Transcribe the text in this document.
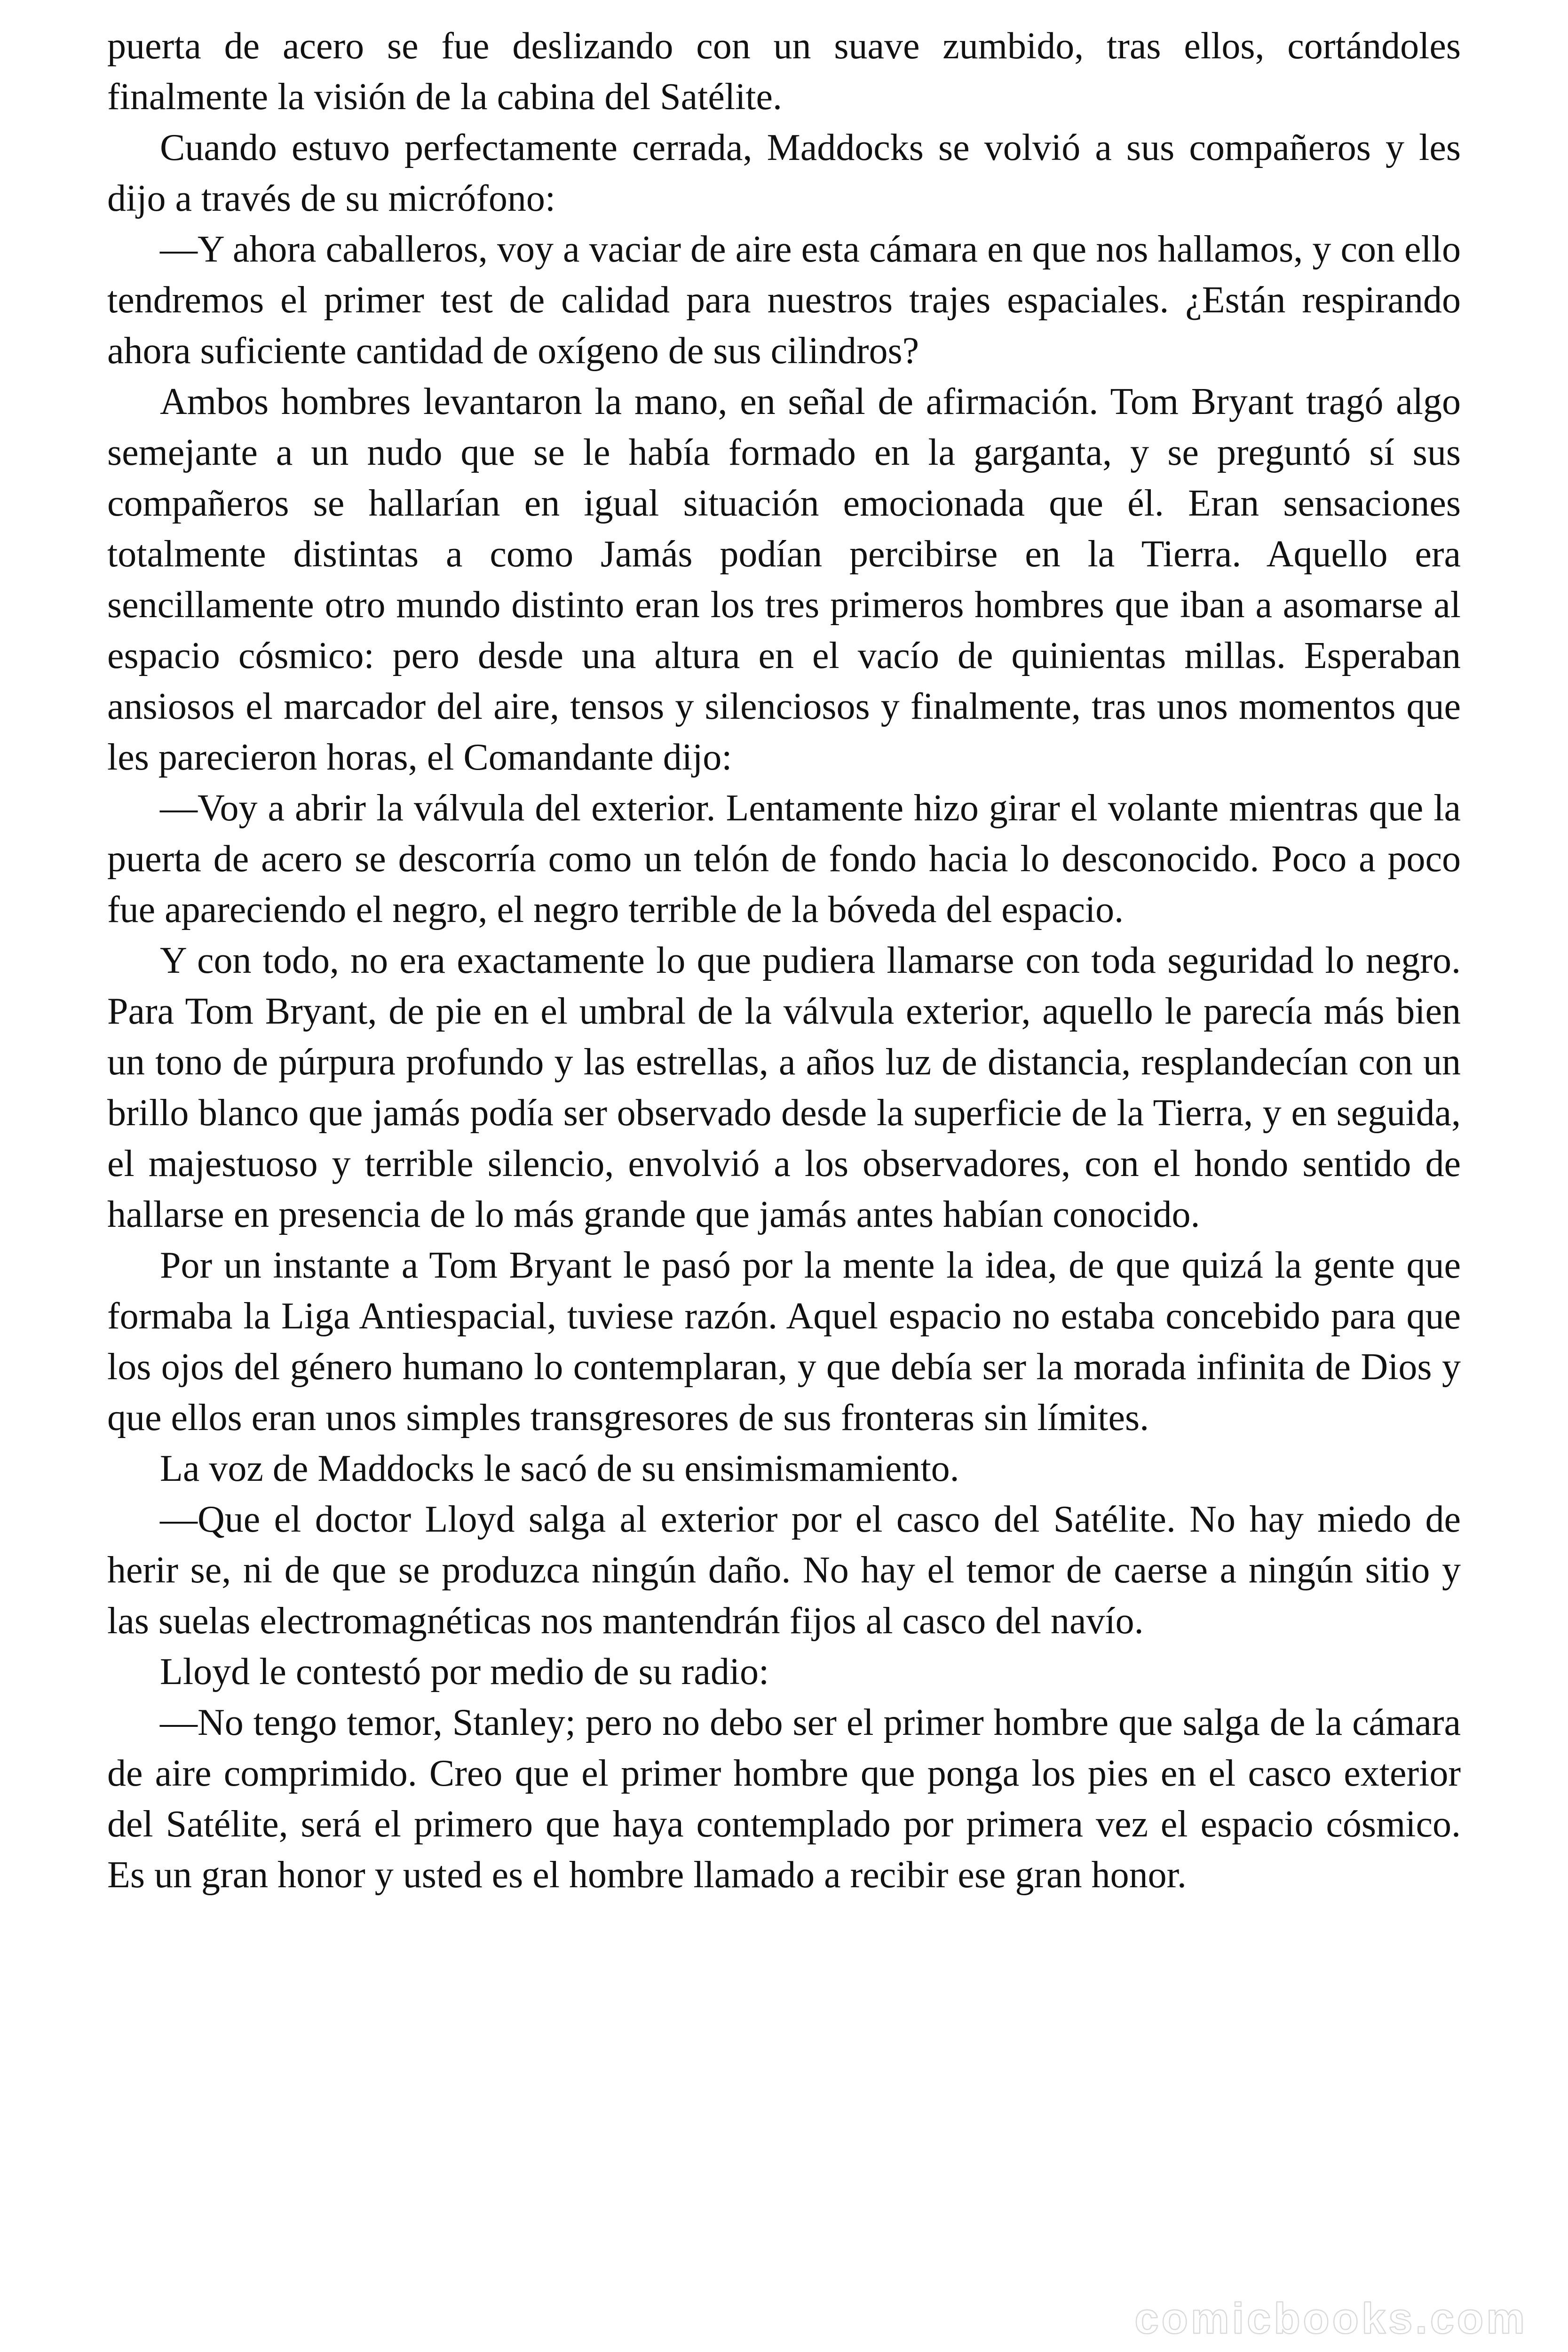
puerta de acero se fue deslizando con un suave zumbido, tras ellos, cortándoles finalmente la visión de la cabina del Satélite.

Cuando estuvo perfectamente cerrada, Maddocks se volvió a sus compañeros y les dijo a través de su micrófono:

—Y ahora caballeros, voy a vaciar de aire esta cámara en que nos hallamos, y con ello tendremos el primer test de calidad para nuestros trajes espaciales. ¿Están respirando ahora suficiente cantidad de oxígeno de sus cilindros?

Ambos hombres levantaron la mano, en señal de afirmación. Tom Bryant tragó algo semejante a un nudo que se le había formado en la garganta, y se preguntó sí sus compañeros se hallarían en igual situación emocionada que él. Eran sensaciones totalmente distintas a como Jamás podían percibirse en la Tierra. Aquello era sencillamente otro mundo distinto eran los tres primeros hombres que iban a asomarse al espacio cósmico: pero desde una altura en el vacío de quinientas millas. Esperaban ansiosos el marcador del aire, tensos y silenciosos y finalmente, tras unos momentos que les parecieron horas, el Comandante dijo:

—Voy a abrir la válvula del exterior. Lentamente hizo girar el volante mientras que la puerta de acero se descorría como un telón de fondo hacia lo desconocido. Poco a poco fue apareciendo el negro, el negro terrible de la bóveda del espacio.

Y con todo, no era exactamente lo que pudiera llamarse con toda seguridad lo negro. Para Tom Bryant, de pie en el umbral de la válvula exterior, aquello le parecía más bien un tono de púrpura profundo y las estrellas, a años luz de distancia, resplandecían con un brillo blanco que jamás podía ser observado desde la superficie de la Tierra, y en seguida, el majestuoso y terrible silencio, envolvió a los observadores, con el hondo sentido de hallarse en presencia de lo más grande que jamás antes habían conocido.

Por un instante a Tom Bryant le pasó por la mente la idea, de que quizá la gente que formaba la Liga Antiespacial, tuviese razón. Aquel espacio no estaba concebido para que los ojos del género humano lo contemplaran, y que debía ser la morada infinita de Dios y que ellos eran unos simples transgresores de sus fronteras sin límites.

La voz de Maddocks le sacó de su ensimismamiento.

—Que el doctor Lloyd salga al exterior por el casco del Satélite. No hay miedo de herir se, ni de que se produzca ningún daño. No hay el temor de caerse a ningún sitio y las suelas electromagnéticas nos mantendrán fijos al casco del navío.

Lloyd le contestó por medio de su radio:

—No tengo temor, Stanley; pero no debo ser el primer hombre que salga de la cámara de aire comprimido. Creo que el primer hombre que ponga los pies en el casco exterior del Satélite, será el primero que haya contemplado por primera vez el espacio cósmico. Es un gran honor y usted es el hombre llamado a recibir ese gran honor.

comicbooks.com
